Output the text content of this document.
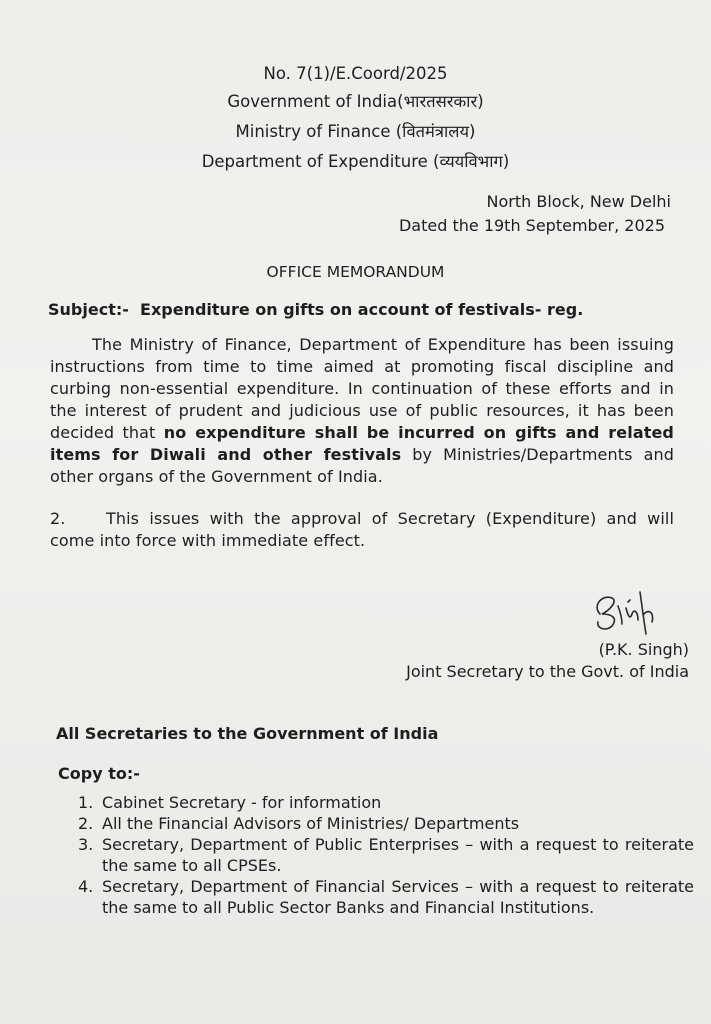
No. 7(1)/E.Coord/2025
Government of India(भारतसरकार)
Ministry of Finance (वितमंत्रालय)
Department of Expenditure (व्ययविभाग)
North Block, New Delhi
Dated the 19th September, 2025
OFFICE MEMORANDUM
Subject:- Expenditure on gifts on account of festivals- reg.
The Ministry of Finance, Department of Expenditure has been issuing instructions from time to time aimed at promoting fiscal discipline and curbing non-essential expenditure. In continuation of these efforts and in the interest of prudent and judicious use of public resources, it has been decided that no expenditure shall be incurred on gifts and related items for Diwali and other festivals by Ministries/Departments and other organs of the Government of India.
2.	This issues with the approval of Secretary (Expenditure) and will come into force with immediate effect.
(P.K. Singh)
Joint Secretary to the Govt. of India
All Secretaries to the Government of India
Copy to:-
1. Cabinet Secretary - for information
2. All the Financial Advisors of Ministries/ Departments
3. Secretary, Department of Public Enterprises – with a request to reiterate the same to all CPSEs.
4. Secretary, Department of Financial Services – with a request to reiterate the same to all Public Sector Banks and Financial Institutions.
